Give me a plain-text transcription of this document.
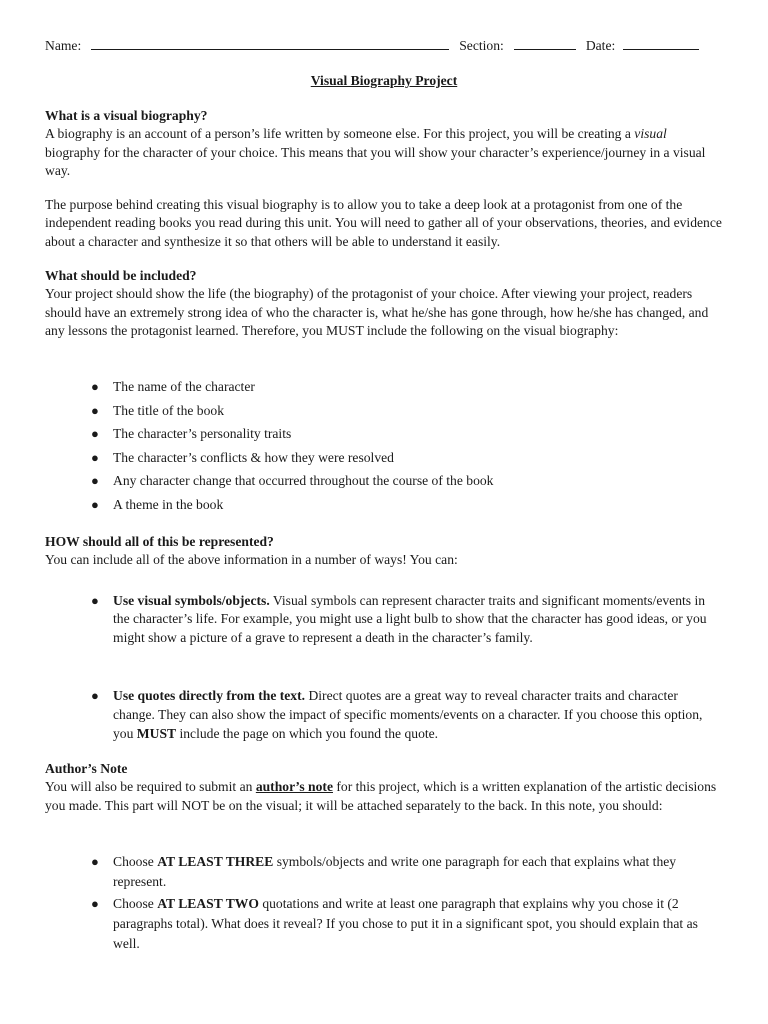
Name:	Section:	Date:
Visual Biography Project

What is a visual biography?

A biography is an account of a person’s life written by someone else. For this project, you will be creating a visual biography for the character of your choice. This means that you will show your character’s experience/journey in a visual way.

The purpose behind creating this visual biography is to allow you to take a deep look at a protagonist from one of the independent reading books you read during this unit. You will need to gather all of your observations, theories, and evidence about a character and synthesize it so that others will be able to understand it easily.

What should be included?

Your project should show the life (the biography) of the protagonist of your choice. After viewing your project, readers should have an extremely strong idea of who the character is, what he/she has gone through, how he/she has changed, and any lessons the protagonist learned. Therefore, you MUST include the following on the visual biography:

● The name of the character
● The title of the book
● The character’s personality traits
● The character’s conflicts & how they were resolved
● Any character change that occurred throughout the course of the book
● A theme in the book

HOW should all of this be represented?

You can include all of the above information in a number of ways! You can:

● Use visual symbols/objects. Visual symbols can represent character traits and significant moments/events in the character’s life. For example, you might use a light bulb to show that the character has good ideas, or you might show a picture of a grave to represent a death in the character’s family.
● Use quotes directly from the text. Direct quotes are a great way to reveal character traits and character change. They can also show the impact of specific moments/events on a character. If you choose this option, you MUST include the page on which you found the quote.

Author’s Note

You will also be required to submit an author’s note for this project, which is a written explanation of the artistic decisions you made. This part will NOT be on the visual; it will be attached separately to the back. In this note, you should:

● Choose AT LEAST THREE symbols/objects and write one paragraph for each that explains what they represent.
● Choose AT LEAST TWO quotations and write at least one paragraph that explains why you chose it (2 paragraphs total). What does it reveal? If you chose to put it in a significant spot, you should explain that as well.
